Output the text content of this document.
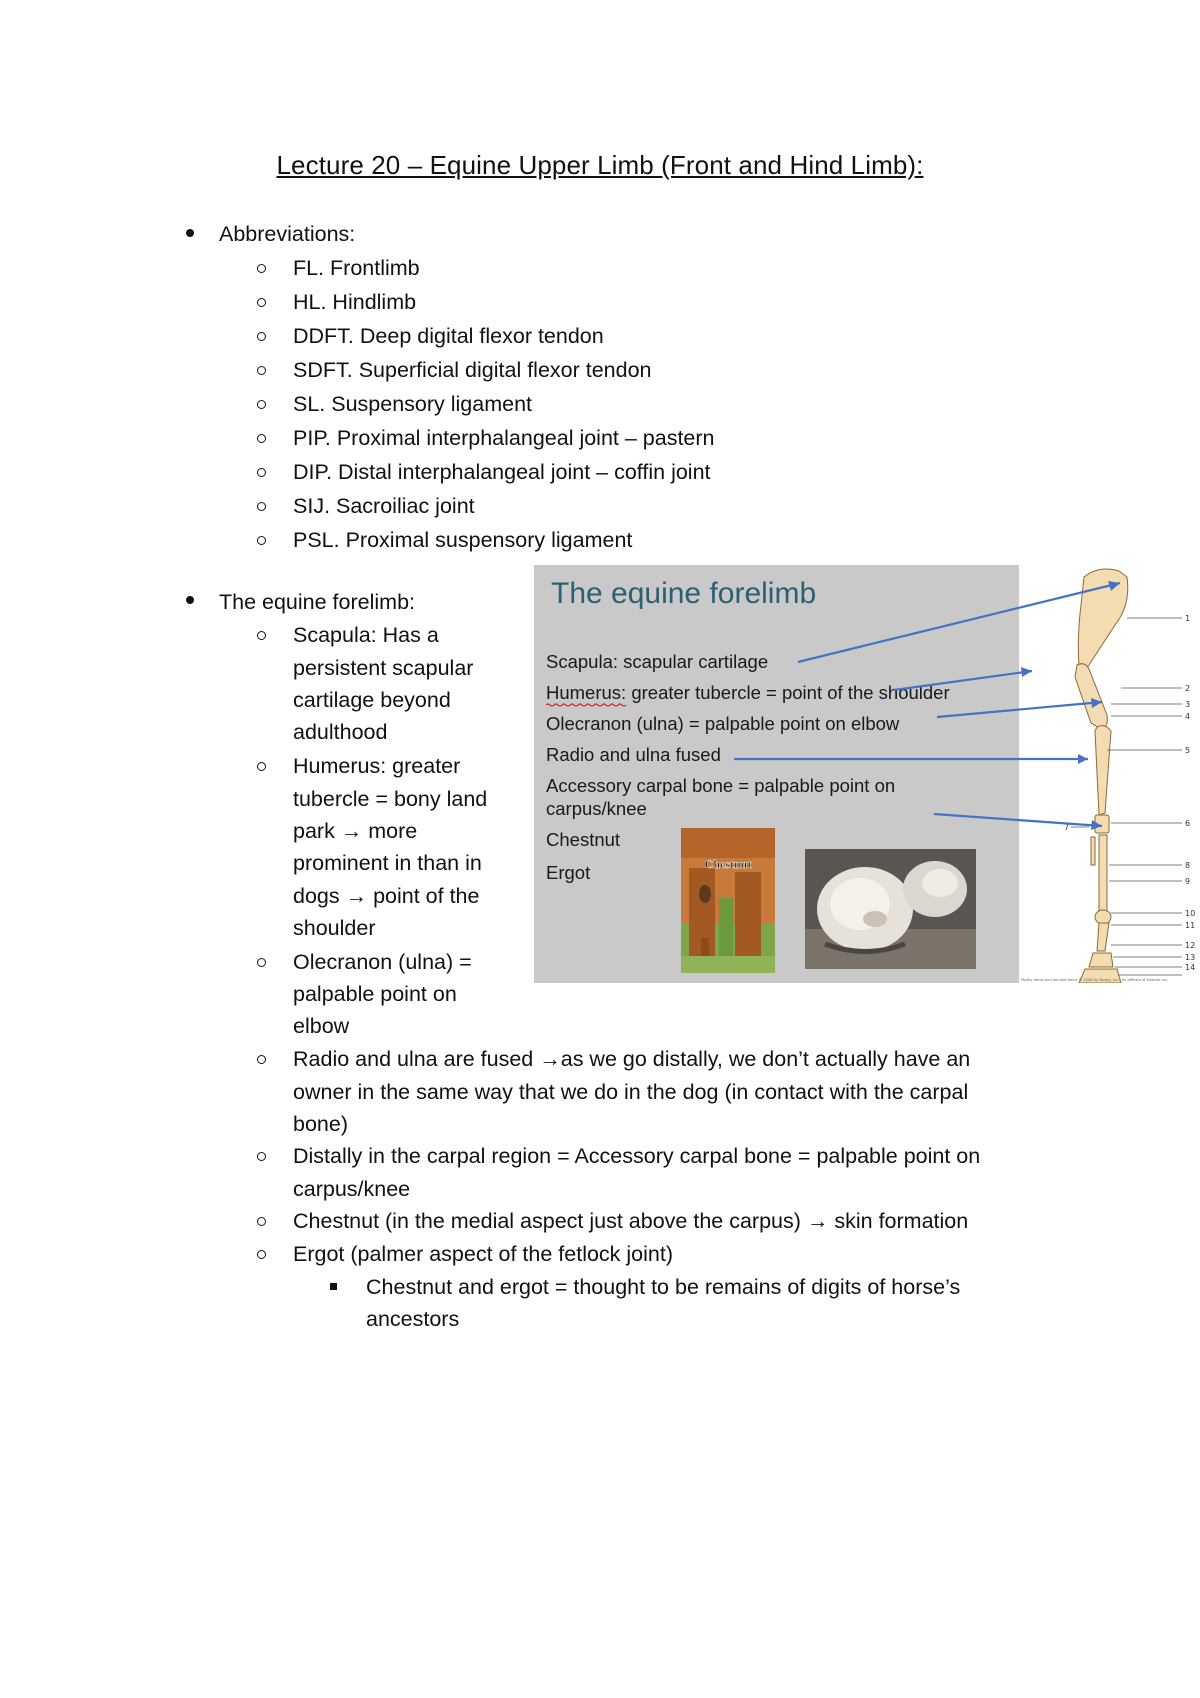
Lecture 20 – Equine Upper Limb (Front and Hind Limb):
Abbreviations:
FL. Frontlimb
HL. Hindlimb
DDFT. Deep digital flexor tendon
SDFT. Superficial digital flexor tendon
SL. Suspensory ligament
PIP. Proximal interphalangeal joint – pastern
DIP. Distal interphalangeal joint – coffin joint
SIJ. Sacroiliac joint
PSL. Proximal suspensory ligament
The equine forelimb:
Scapula: Has a
persistent scapular
cartilage beyond
adulthood
Humerus: greater
tubercle = bony land
park → more
prominent in than in
dogs → point of the
shoulder
Olecranon (ulna) =
palpable point on
elbow
Radio and ulna are fused →as we go distally, we don’t actually have an
owner in the same way that we do in the dog (in contact with the carpal
bone)
Distally in the carpal region = Accessory carpal bone = palpable point on
carpus/knee
Chestnut (in the medial aspect just above the carpus) → skin formation
Ergot (palmer aspect of the fetlock joint)
Chestnut and ergot = thought to be remains of digits of horse’s
ancestors
The equine forelimb
Scapula: scapular cartilage
Humerus: greater tubercle = point of the shoulder
Olecranon (ulna) = palpable point on elbow
Radio and ulna fused
Accessory carpal bone = palpable point on
carpus/knee
Chestnut
Ergot	Chestnut
1
2
3
4
5
6
7
8
9
10
11
12
13
14
Mosby items and derived items © 2008 by Mosby, Inc., an affiliate of Elsevier Inc.
